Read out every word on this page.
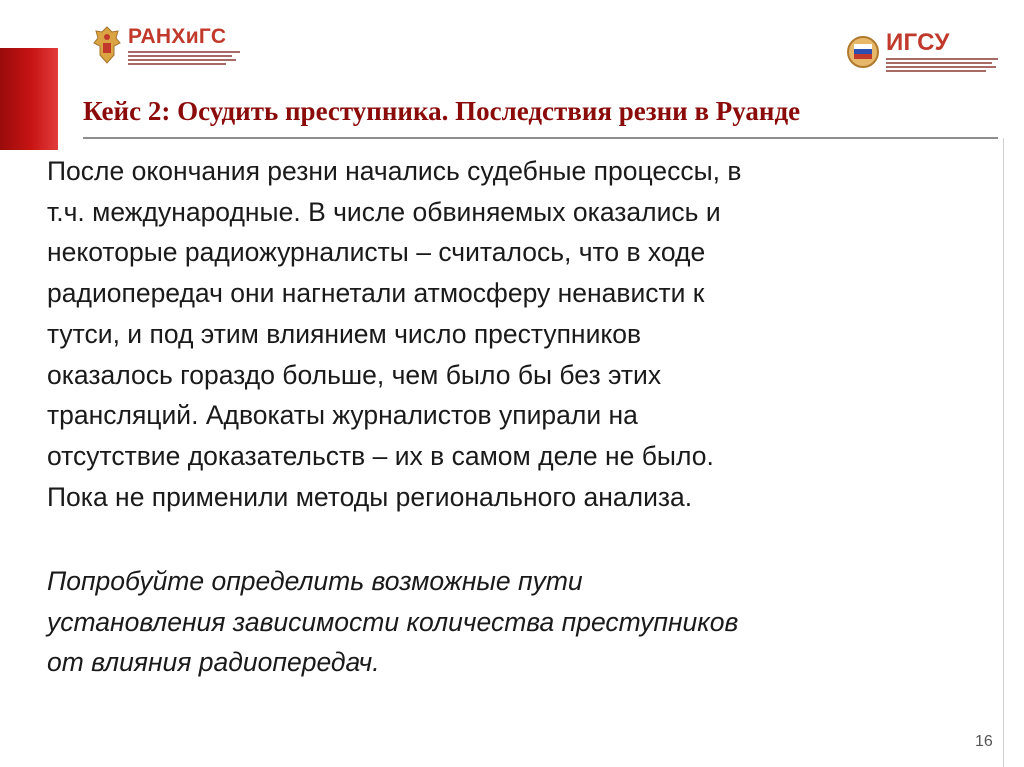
РАНХиГС	ИГСУ
Кейс 2: Осудить преступника. Последствия резни в Руанде
После окончания резни начались судебные процессы, в
т.ч. международные. В числе обвиняемых оказались и
некоторые радиожурналисты – считалось, что в ходе
радиопередач они нагнетали атмосферу ненависти к
тутси, и под этим влиянием число преступников
оказалось гораздо больше, чем было бы без этих
трансляций. Адвокаты журналистов упирали на
отсутствие доказательств – их в самом деле не было.
Пока не применили методы регионального анализа.
Попробуйте определить возможные пути
установления зависимости количества преступников
от влияния радиопередач.
16
